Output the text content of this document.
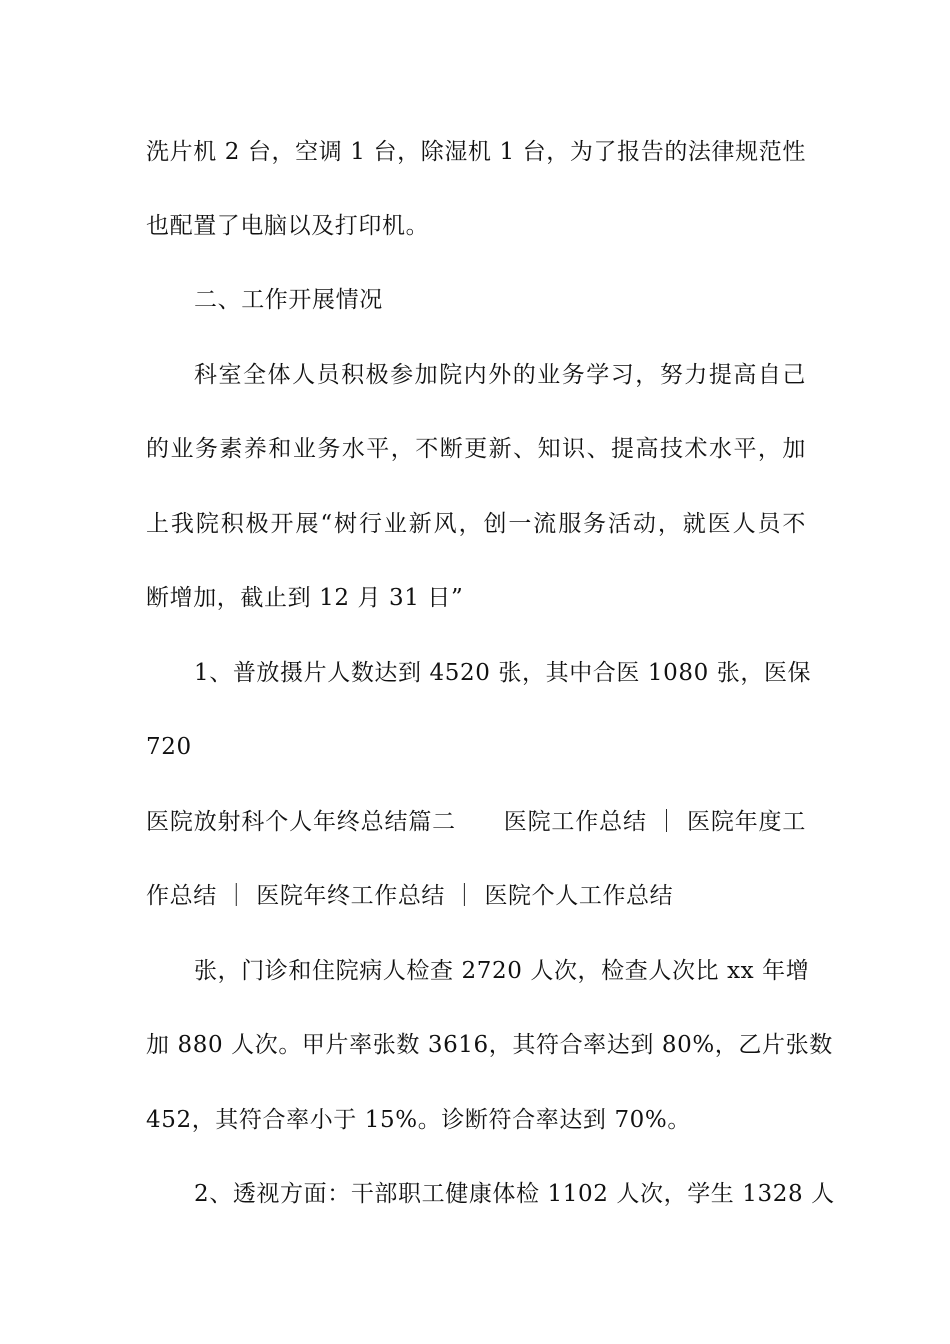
洗片机 2 台，空调 1 台，除湿机 1 台，为了报告的法律规范性
也配置了电脑以及打印机。
二、工作开展情况
科室全体人员积极参加院内外的业务学习，努力提高自己
的业务素养和业务水平，不断更新、知识、提高技术水平，加
上我院积极开展“树行业新风，创一流服务活动，就医人员不
断增加，截止到 12 月 31 日”
1、普放摄片人数达到 4520 张，其中合医 1080 张，医保
720
医院放射科个人年终总结篇二　　医院工作总结 ｜ 医院年度工
作总结 ｜ 医院年终工作总结 ｜ 医院个人工作总结
张，门诊和住院病人检查 2720 人次，检查人次比 xx 年增
加 880 人次。甲片率张数 3616，其符合率达到 80%，乙片张数
452，其符合率小于 15%。诊断符合率达到 70%。
2、透视方面：干部职工健康体检 1102 人次，学生 1328 人
